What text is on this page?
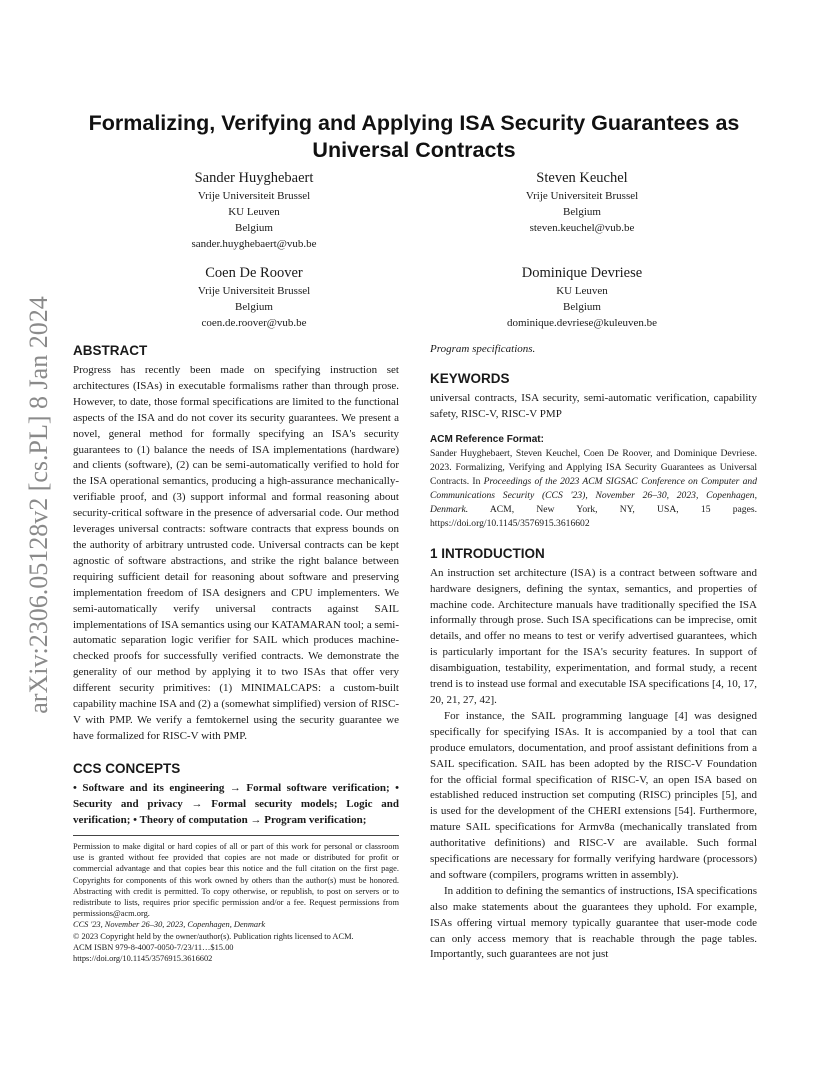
arXiv:2306.05128v2 [cs.PL] 8 Jan 2024
Formalizing, Verifying and Applying ISA Security Guarantees as Universal Contracts
Sander Huyghebaert
Vrije Universiteit Brussel
KU Leuven
Belgium
sander.huyghebaert@vub.be
Steven Keuchel
Vrije Universiteit Brussel
Belgium
steven.keuchel@vub.be
Coen De Roover
Vrije Universiteit Brussel
Belgium
coen.de.roover@vub.be
Dominique Devriese
KU Leuven
Belgium
dominique.devriese@kuleuven.be
ABSTRACT

Progress has recently been made on specifying instruction set architectures (ISAs) in executable formalisms rather than through prose. However, to date, those formal specifications are limited to the functional aspects of the ISA and do not cover its security guarantees. We present a novel, general method for formally specifying an ISA's security guarantees to (1) balance the needs of ISA implementations (hardware) and clients (software), (2) can be semi-automatically verified to hold for the ISA operational semantics, producing a high-assurance mechanically-verifiable proof, and (3) support informal and formal reasoning about security-critical software in the presence of adversarial code. Our method leverages universal contracts: software contracts that express bounds on the authority of arbitrary untrusted code. Universal contracts can be kept agnostic of software abstractions, and strike the right balance between requiring sufficient detail for reasoning about software and preserving implementation freedom of ISA designers and CPU implementers. We semi-automatically verify universal contracts against SAIL implementations of ISA semantics using our KATAMARAN tool; a semi-automatic separation logic verifier for SAIL which produces machine-checked proofs for successfully verified contracts. We demonstrate the generality of our method by applying it to two ISAs that offer very different security primitives: (1) MINIMALCAPS: a custom-built capability machine ISA and (2) a (somewhat simplified) version of RISC-V with PMP. We verify a femtokernel using the security guarantee we have formalized for RISC-V with PMP.

CCS CONCEPTS

• Software and its engineering → Formal software verification; • Security and privacy → Formal security models; Logic and verification; • Theory of computation → Program verification;

Permission to make digital or hard copies of all or part of this work for personal or classroom use is granted without fee provided that copies are not made or distributed for profit or commercial advantage and that copies bear this notice and the full citation on the first page. Copyrights for components of this work owned by others than the author(s) must be honored. Abstracting with credit is permitted. To copy otherwise, or republish, to post on servers or to redistribute to lists, requires prior specific permission and/or a fee. Request permissions from permissions@acm.org.

CCS '23, November 26–30, 2023, Copenhagen, Denmark

© 2023 Copyright held by the owner/author(s). Publication rights licensed to ACM.

ACM ISBN 979-8-4007-0050-7/23/11…$15.00

https://doi.org/10.1145/3576915.3616602

Program specifications.

KEYWORDS

universal contracts, ISA security, semi-automatic verification, capability safety, RISC-V, RISC-V PMP

ACM Reference Format:

Sander Huyghebaert, Steven Keuchel, Coen De Roover, and Dominique Devriese. 2023. Formalizing, Verifying and Applying ISA Security Guarantees as Universal Contracts. In Proceedings of the 2023 ACM SIGSAC Conference on Computer and Communications Security (CCS '23), November 26–30, 2023, Copenhagen, Denmark. ACM, New York, NY, USA, 15 pages. https://doi.org/10.1145/3576915.3616602

1 INTRODUCTION

An instruction set architecture (ISA) is a contract between software and hardware designers, defining the syntax, semantics, and properties of machine code. Architecture manuals have traditionally specified the ISA informally through prose. Such ISA specifications can be imprecise, omit details, and offer no means to test or verify advertised guarantees, which is particularly important for the ISA's security features. In support of disambiguation, testability, experimentation, and formal study, a recent trend is to instead use formal and executable ISA specifications [4, 10, 17, 20, 21, 27, 42].

For instance, the SAIL programming language [4] was designed specifically for specifying ISAs. It is accompanied by a tool that can produce emulators, documentation, and proof assistant definitions from a SAIL specification. SAIL has been adopted by the RISC-V Foundation for the official formal specification of RISC-V, an open ISA based on established reduced instruction set computing (RISC) principles [5], and is used for the development of the CHERI extensions [54]. Furthermore, mature SAIL specifications for Armv8a (mechanically translated from authoritative definitions) and RISC-V are available. Such formal specifications are necessary for formally verifying hardware (processors) and software (compilers, programs written in assembly).

In addition to defining the semantics of instructions, ISA specifications also make statements about the guarantees they uphold. For example, ISAs offering virtual memory typically guarantee that user-mode code can only access memory that is reachable through the page tables. Importantly, such guarantees are not just
